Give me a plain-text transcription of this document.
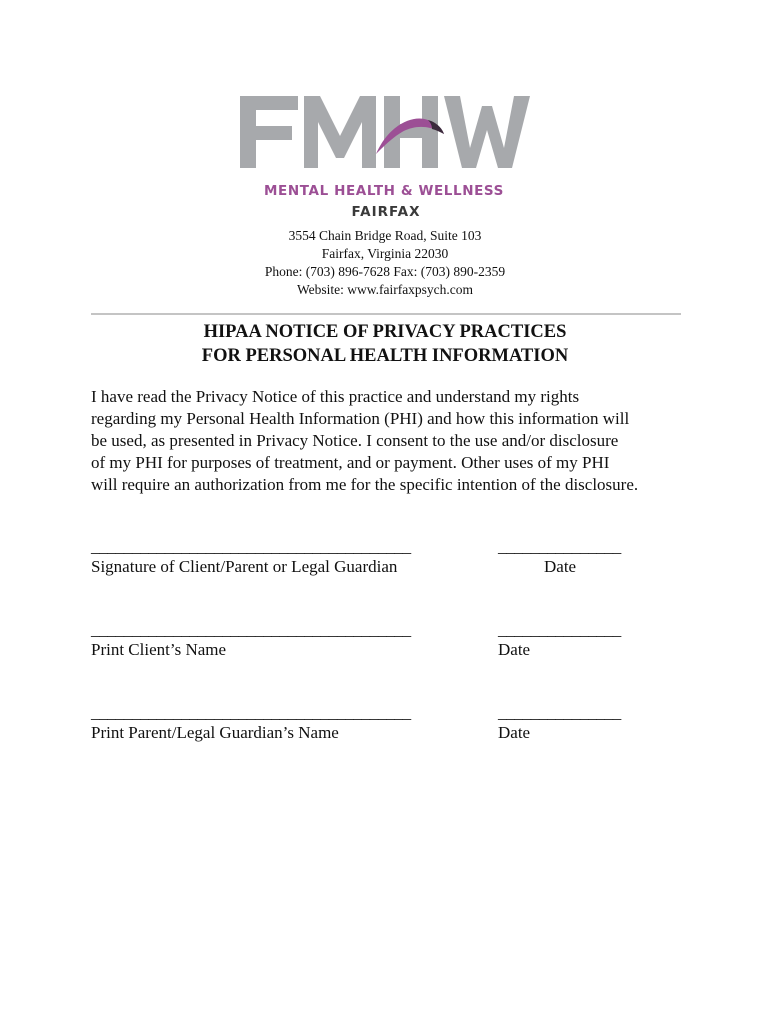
MENTAL HEALTH & WELLNESS
FAIRFAX
3554 Chain Bridge Road, Suite 103
Fairfax, Virginia 22030
Phone: (703) 896-7628 Fax: (703) 890-2359
Website: www.fairfaxpsych.com
HIPAA NOTICE OF PRIVACY PRACTICES
FOR PERSONAL HEALTH INFORMATION
I have read the Privacy Notice of this practice and understand my rights
regarding my Personal Health Information (PHI) and how this information will
be used, as presented in Privacy Notice. I consent to the use and/or disclosure
of my PHI for purposes of treatment, and or payment. Other uses of my PHI
will require an authorization from me for the specific intention of the disclosure.
_______________________________________
Signature of Client/Parent or Legal Guardian
_______________
Date
_______________________________________
Print Client’s Name
_______________
Date
_______________________________________
Print Parent/Legal Guardian’s Name
_______________
Date
